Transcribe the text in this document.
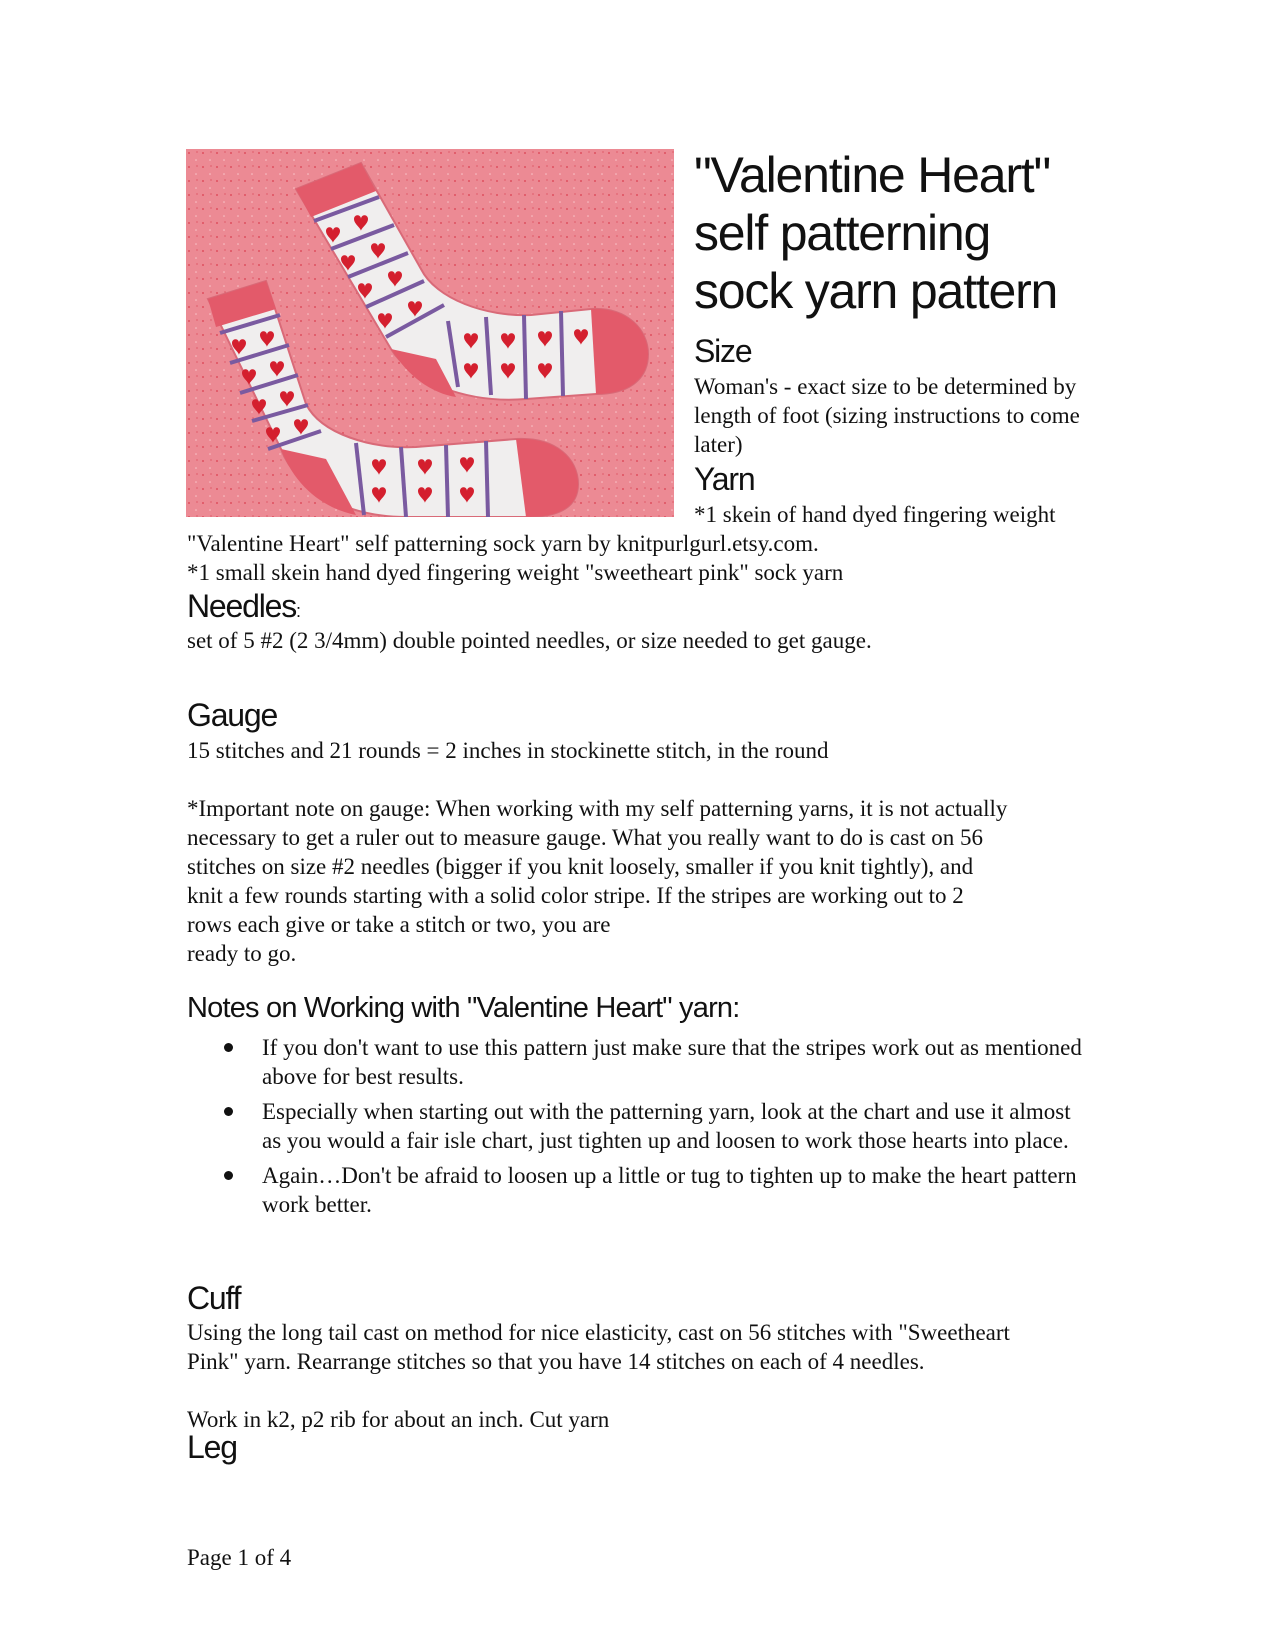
"Valentine Heart" self patterning sock yarn pattern
Size

Woman's - exact size to be determined by length of foot (sizing instructions to come later)

Yarn

*1 skein of hand dyed fingering weight

"Valentine Heart" self patterning sock yarn by knitpurlgurl.etsy.com.

*1 small skein hand dyed fingering weight "sweetheart pink" sock yarn

Needles:

set of 5 #2 (2 3/4mm) double pointed needles, or size needed to get gauge.

Gauge

15 stitches and 21 rounds = 2 inches in stockinette stitch, in the round

*Important note on gauge: When working with my self patterning yarns, it is not actually
necessary to get a ruler out to measure gauge. What you really want to do is cast on 56
stitches on size #2 needles (bigger if you knit loosely, smaller if you knit tightly), and
knit a few rounds starting with a solid color stripe. If the stripes are working out to 2
rows each give or take a stitch or two, you are
ready to go.
Notes on Working with "Valentine Heart" yarn:
If you don't want to use this pattern just make sure that the stripes work out as mentioned above for best results.
Especially when starting out with the patterning yarn, look at the chart and use it almost as you would a fair isle chart, just tighten up and loosen to work those hearts into place.
Again…Don't be afraid to loosen up a little or tug to tighten up to make the heart pattern work better.
Cuff
Using the long tail cast on method for nice elasticity, cast on 56 stitches with "Sweetheart
Pink" yarn. Rearrange stitches so that you have 14 stitches on each of 4 needles.

Work in k2, p2 rib for about an inch. Cut yarn

Leg
Page 1 of 4
